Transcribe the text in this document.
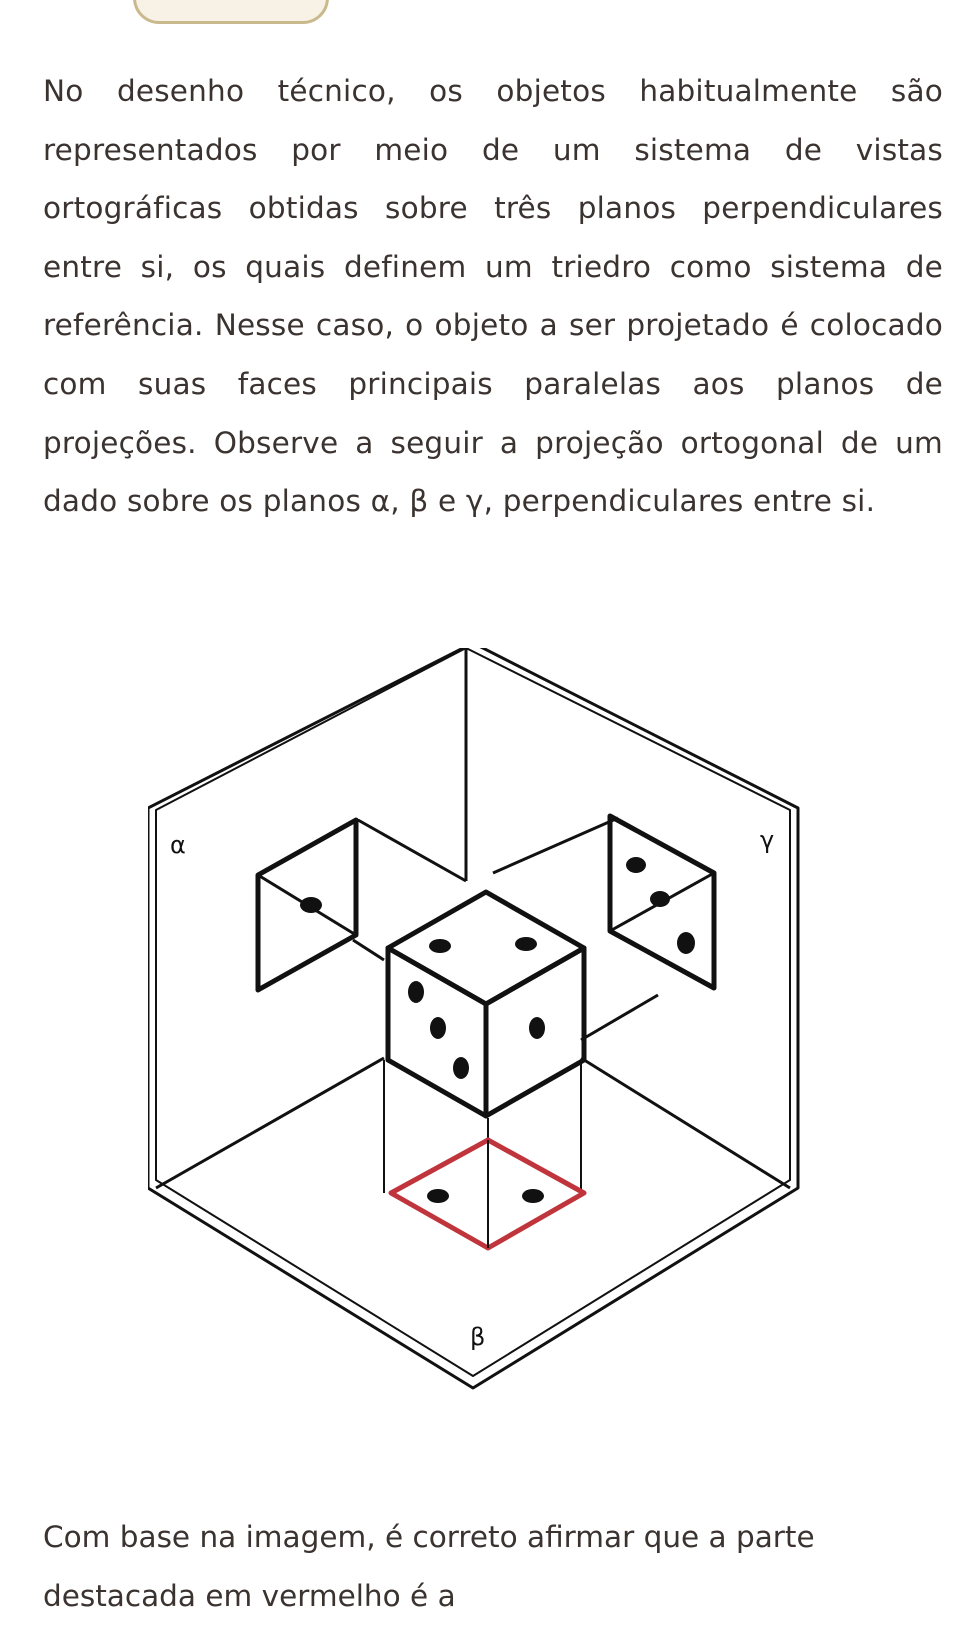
No desenho técnico, os objetos habitualmente são representados por meio de um sistema de vistas ortográficas obtidas sobre três planos perpendiculares entre si, os quais definem um triedro como sistema de referência. Nesse caso, o objeto a ser projetado é colocado com suas faces principais paralelas aos planos de projeções. Observe a seguir a projeção ortogonal de um dado sobre os planos α, β e γ, perpendiculares entre si.

α	γ
β

Com base na imagem, é correto afirmar que a parte destacada em vermelho é a
